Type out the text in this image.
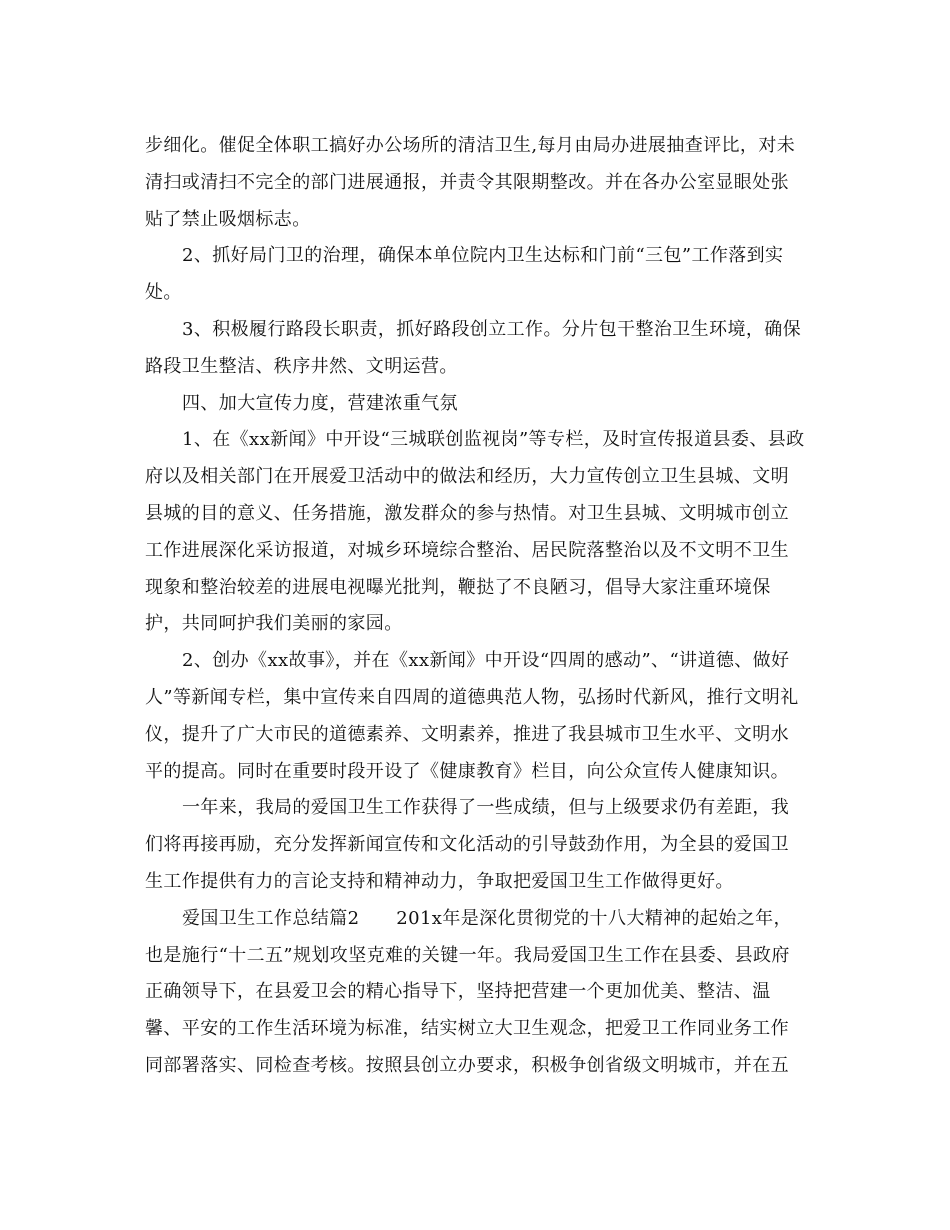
步细化。催促全体职工搞好办公场所的清洁卫生,每月由局办进展抽查评比，对未清扫或清扫不完全的部门进展通报，并责令其限期整改。并在各办公室显眼处张贴了禁止吸烟标志。

2、抓好局门卫的治理，确保本单位院内卫生达标和门前“三包”工作落到实处。

3、积极履行路段长职责，抓好路段创立工作。分片包干整治卫生环境，确保路段卫生整洁、秩序井然、文明运营。

四、加大宣传力度，营建浓重气氛

1、在《xx新闻》中开设“三城联创监视岗”等专栏，及时宣传报道县委、县政府以及相关部门在开展爱卫活动中的做法和经历，大力宣传创立卫生县城、文明县城的目的意义、任务措施，激发群众的参与热情。对卫生县城、文明城市创立工作进展深化采访报道，对城乡环境综合整治、居民院落整治以及不文明不卫生现象和整治较差的进展电视曝光批判，鞭挞了不良陋习，倡导大家注重环境保护，共同呵护我们美丽的家园。

2、创办《xx故事》，并在《xx新闻》中开设“四周的感动”、“讲道德、做好人”等新闻专栏，集中宣传来自四周的道德典范人物，弘扬时代新风，推行文明礼仪，提升了广大市民的道德素养、文明素养，推进了我县城市卫生水平、文明水平的提高。同时在重要时段开设了《健康教育》栏目，向公众宣传人健康知识。

一年来，我局的爱国卫生工作获得了一些成绩，但与上级要求仍有差距，我们将再接再励，充分发挥新闻宣传和文化活动的引导鼓劲作用，为全县的爱国卫生工作提供有力的言论支持和精神动力，争取把爱国卫生工作做得更好。

爱国卫生工作总结篇2　　201x年是深化贯彻党的十八大精神的起始之年，也是施行“十二五”规划攻坚克难的关键一年。我局爱国卫生工作在县委、县政府正确领导下，在县爱卫会的精心指导下，坚持把营建一个更加优美、整洁、温馨、平安的工作生活环境为标准，结实树立大卫生观念，把爱卫工作同业务工作同部署落实、同检查考核。按照县创立办要求，积极争创省级文明城市，并在五
